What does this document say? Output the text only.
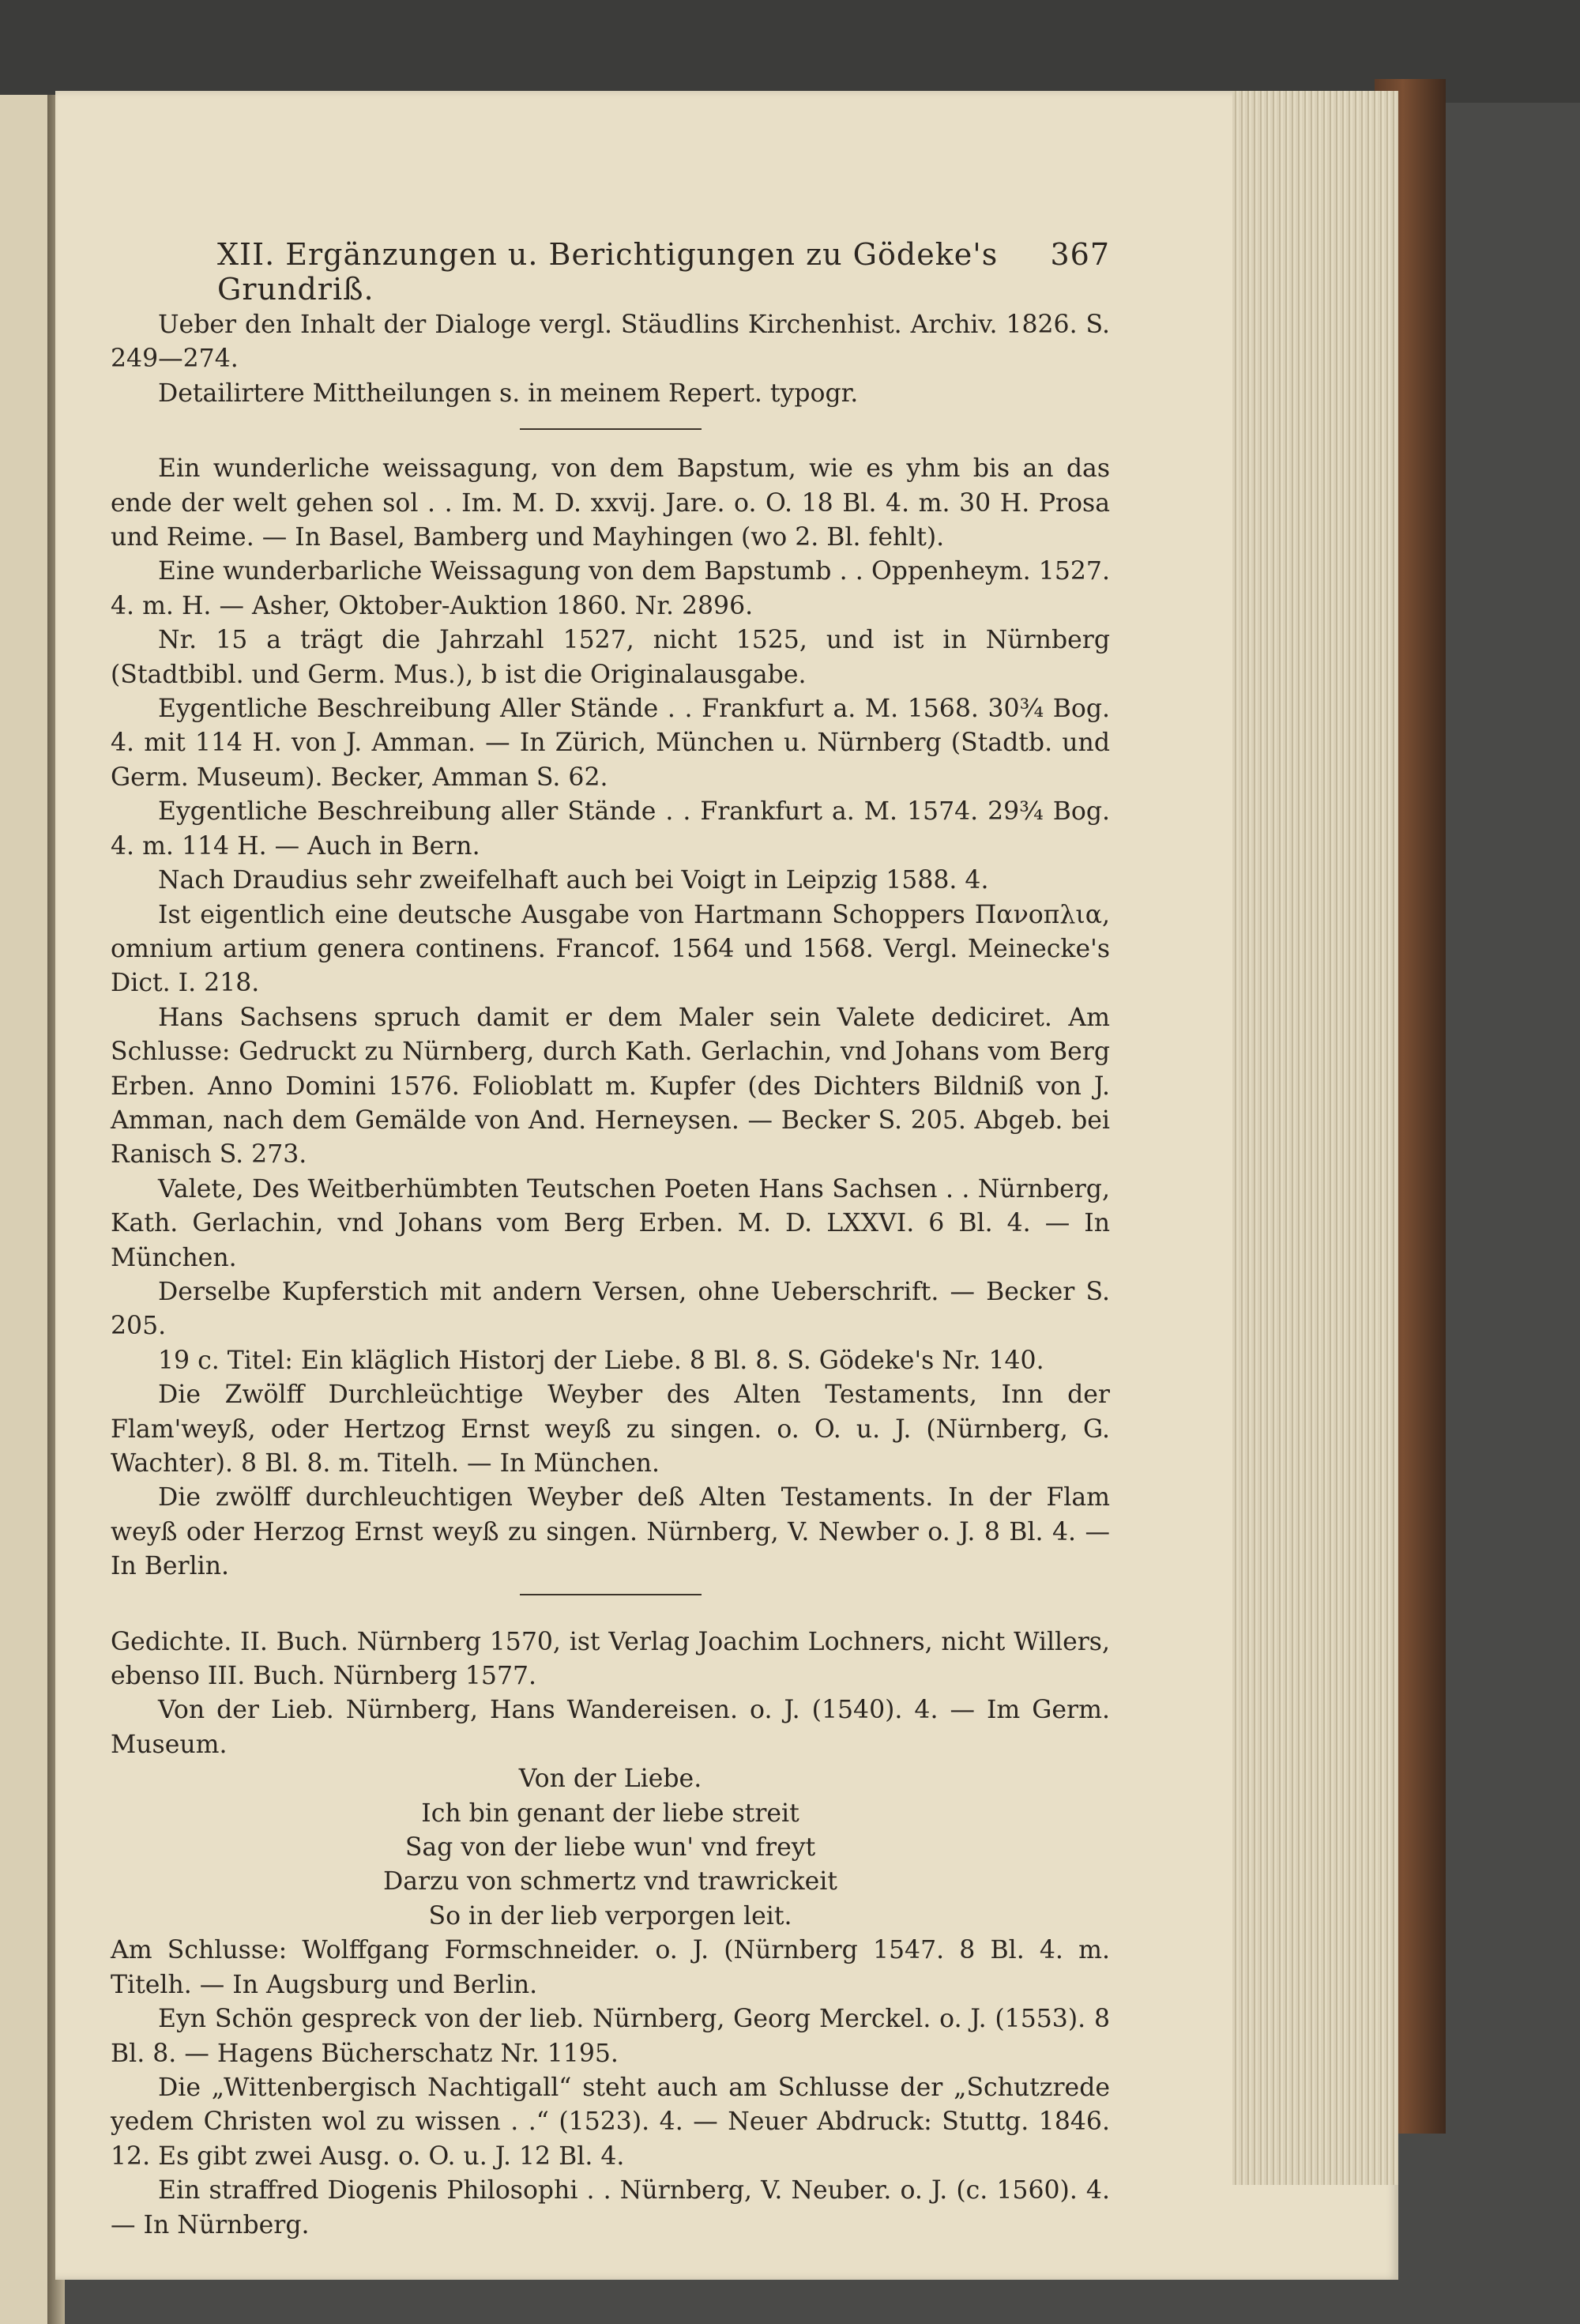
XII. Ergänzungen u. Berichtigungen zu Gödeke's Grundriß.
367

Ueber den Inhalt der Dialoge vergl. Stäudlins Kirchenhist. Archiv. 1826. S. 249—274.

Detailirtere Mittheilungen s. in meinem Repert. typogr.

Ein wunderliche weissagung, von dem Bapstum, wie es yhm bis an das ende der welt gehen sol . . Im. M. D. xxvij. Jare. o. O. 18 Bl. 4. m. 30 H. Prosa und Reime. — In Basel, Bamberg und Mayhingen (wo 2. Bl. fehlt).

Eine wunderbarliche Weissagung von dem Bapstumb . . Oppenheym. 1527. 4. m. H. — Asher, Oktober-Auktion 1860. Nr. 2896.

Nr. 15 a trägt die Jahrzahl 1527, nicht 1525, und ist in Nürnberg (Stadtbibl. und Germ. Mus.), b ist die Originalausgabe.

Eygentliche Beschreibung Aller Stände . . Frankfurt a. M. 1568. 30¾ Bog. 4. mit 114 H. von J. Amman. — In Zürich, München u. Nürnberg (Stadtb. und Germ. Museum). Becker, Amman S. 62.

Eygentliche Beschreibung aller Stände . . Frankfurt a. M. 1574. 29¾ Bog. 4. m. 114 H. — Auch in Bern.

Nach Draudius sehr zweifelhaft auch bei Voigt in Leipzig 1588. 4.

Ist eigentlich eine deutsche Ausgabe von Hartmann Schoppers Πανοπλια, omnium artium genera continens. Francof. 1564 und 1568. Vergl. Meinecke's Dict. I. 218.

Hans Sachsens spruch damit er dem Maler sein Valete dediciret. Am Schlusse: Gedruckt zu Nürnberg, durch Kath. Gerlachin, vnd Johans vom Berg Erben. Anno Domini 1576. Folioblatt m. Kupfer (des Dichters Bildniß von J. Amman, nach dem Gemälde von And. Herneysen. — Becker S. 205. Abgeb. bei Ranisch S. 273.

Valete, Des Weitberhümbten Teutschen Poeten Hans Sachsen . . Nürnberg, Kath. Gerlachin, vnd Johans vom Berg Erben. M. D. LXXVI. 6 Bl. 4. — In München.

Derselbe Kupferstich mit andern Versen, ohne Ueberschrift. — Becker S. 205.

19 c. Titel: Ein kläglich Historj der Liebe. 8 Bl. 8. S. Gödeke's Nr. 140.

Die Zwölff Durchleüchtige Weyber des Alten Testaments, Inn der Flam'weyß, oder Hertzog Ernst weyß zu singen. o. O. u. J. (Nürnberg, G. Wachter). 8 Bl. 8. m. Titelh. — In München.

Die zwölff durchleuchtigen Weyber deß Alten Testaments. In der Flam weyß oder Herzog Ernst weyß zu singen. Nürnberg, V. Newber o. J. 8 Bl. 4. — In Berlin.

Gedichte. II. Buch. Nürnberg 1570, ist Verlag Joachim Lochners, nicht Willers, ebenso III. Buch. Nürnberg 1577.

Von der Lieb. Nürnberg, Hans Wandereisen. o. J. (1540). 4. — Im Germ. Museum.

Von der Liebe.

Ich bin genant der liebe streit

Sag von der liebe wun' vnd freyt

Darzu von schmertz vnd trawrickeit

So in der lieb verporgen leit.

Am Schlusse: Wolffgang Formschneider. o. J. (Nürnberg 1547. 8 Bl. 4. m. Titelh. — In Augsburg und Berlin.

Eyn Schön gespreck von der lieb. Nürnberg, Georg Merckel. o. J. (1553). 8 Bl. 8. — Hagens Bücherschatz Nr. 1195.

Die „Wittenbergisch Nachtigall“ steht auch am Schlusse der „Schutzrede yedem Christen wol zu wissen . .“ (1523). 4. — Neuer Abdruck: Stuttg. 1846. 12. Es gibt zwei Ausg. o. O. u. J. 12 Bl. 4.

Ein straffred Diogenis Philosophi . . Nürnberg, V. Neuber. o. J. (c. 1560). 4. — In Nürnberg.
